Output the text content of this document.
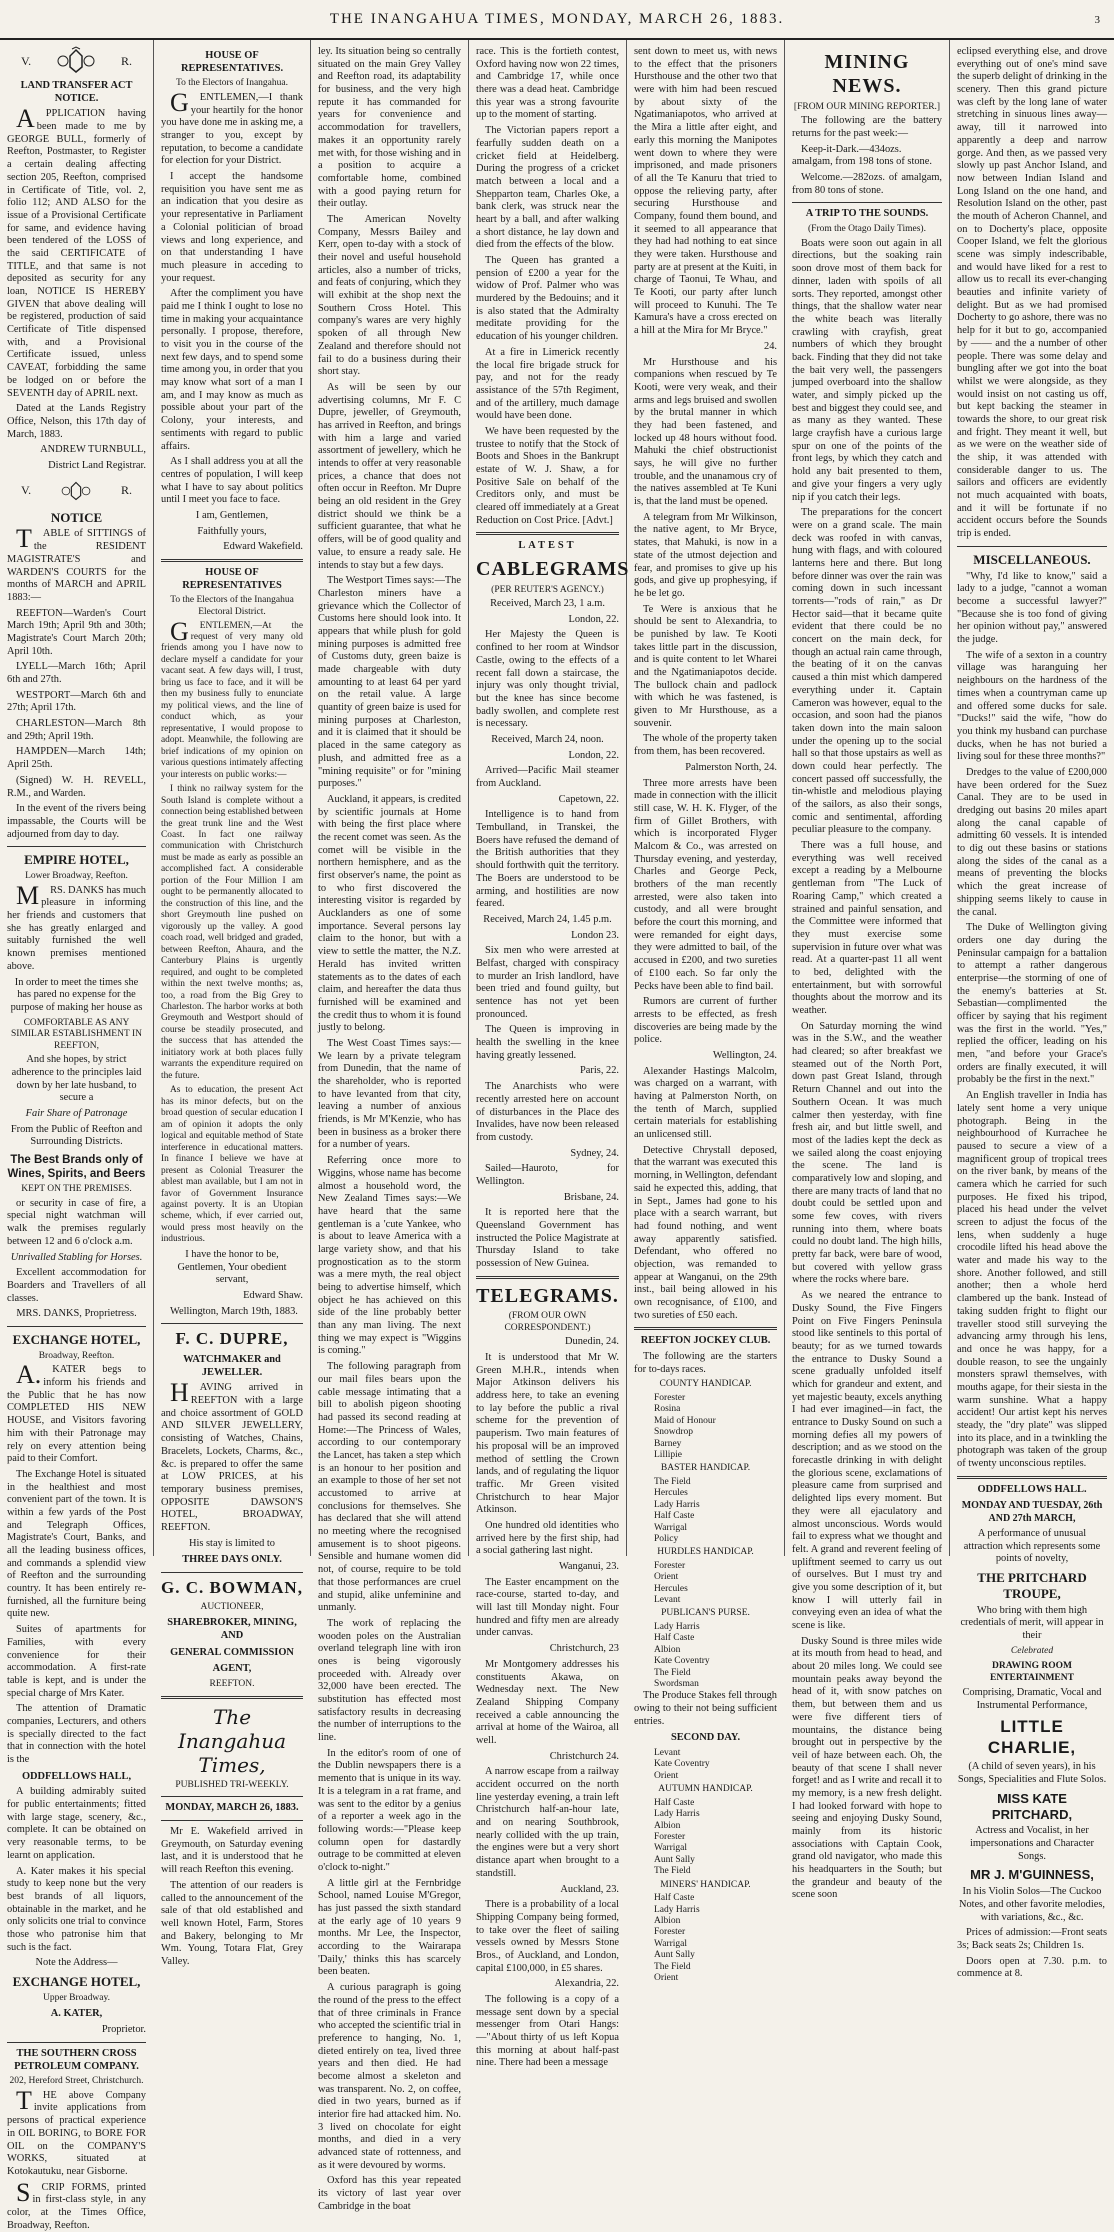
THE INANGAHUA TIMES, MONDAY, MARCH 26, 1883.	3
V.	R.
LAND TRANSFER ACT NOTICE.

APPLICATION having been made to me by GEORGE BULL, formerly of Reefton, Postmaster, to Register a certain dealing affecting section 205, Reefton, comprised in Certificate of Title, vol. 2, folio 112; AND ALSO for the issue of a Provisional Certificate for same, and evidence having been tendered of the LOSS of the said CERTIFICATE of TITLE, and that same is not deposited as security for any loan, NOTICE IS HEREBY GIVEN that above dealing will be registered, production of said Certificate of Title dispensed with, and a Provisional Certificate issued, unless CAVEAT, forbidding the same be lodged on or before the SEVENTH day of APRIL next.

Dated at the Lands Registry Office, Nelson, this 17th day of March, 1883.

ANDREW TURNBULL,

District Land Registrar.

V.	R.
NOTICE

TABLE of SITTINGS of the RESIDENT MAGISTRATE'S and WARDEN'S COURTS for the months of MARCH and APRIL 1883:—

REEFTON—Warden's Court March 19th; April 9th and 30th; Magistrate's Court March 20th; April 10th.

LYELL—March 16th; April 6th and 27th.

WESTPORT—March 6th and 27th; April 17th.

CHARLESTON—March 8th and 29th; April 19th.

HAMPDEN—March 14th; April 25th.

(Signed) W. H. REVELL, R.M., and Warden.

In the event of the rivers being impassable, the Courts will be adjourned from day to day.

EMPIRE HOTEL,
Lower Broadway, Reefton.

MRS. DANKS has much pleasure in informing her friends and customers that she has greatly enlarged and suitably furnished the well known premises mentioned above.

In order to meet the times she has pared no expense for the purpose of making her house as

COMFORTABLE AS ANY SIMILAR ESTABLISHMENT IN REEFTON,

And she hopes, by strict adherence to the principles laid down by her late husband, to secure a

Fair Share of Patronage

From the Public of Reefton and Surrounding Districts.

The Best Brands only of Wines, Spirits, and Beers
KEPT ON THE PREMISES.

or security in case of fire, a special night watchman will walk the premises regularly between 12 and 6 o'clock a.m.

Unrivalled Stabling for Horses.

Excellent accommodation for Boarders and Travellers of all classes.

MRS. DANKS, Proprietress.

EXCHANGE HOTEL,
Broadway, Reefton.

A.KATER begs to inform his friends and the Public that he has now COMPLETED HIS NEW HOUSE, and Visitors favoring him with their Patronage may rely on every attention being paid to their Comfort.

The Exchange Hotel is situated in the healthiest and most convenient part of the town. It is within a few yards of the Post and Telegraph Offices, Magistrate's Court, Banks, and all the leading business offices, and commands a splendid view of Reefton and the surrounding country. It has been entirely re-furnished, all the furniture being quite new.

Suites of apartments for Families, with every convenience for their accommodation. A first-rate table is kept, and is under the special charge of Mrs Kater.

The attention of Dramatic companies, Lecturers, and others is specially directed to the fact that in connection with the hotel is the

ODDFELLOWS HALL,

A building admirably suited for public entertainments; fitted with large stage, scenery, &c., complete. It can be obtained on very reasonable terms, to be learnt on application.

A. Kater makes it his special study to keep none but the very best brands of all liquors, obtainable in the market, and he only solicits one trial to convince those who patronise him that such is the fact.

Note the Address—

EXCHANGE HOTEL,
Upper Broadway.
A. KATER,

Proprietor.

THE SOUTHERN CROSS PETROLEUM COMPANY.
202, Hereford Street, Christchurch.

THE above Company invite applications from persons of practical experience in OIL BORING, to BORE FOR OIL on the COMPANY'S WORKS, situated at Kotokautuku, near Gisborne.

SCRIP FORMS, printed in first-class style, in any color, at the Times Office, Broadway, Reefton.

HOUSE OF REPRESENTATIVES.
To the Electors of Inangahua.

GENTLEMEN,—I thank your heartily for the honor you have done me in asking me, a stranger to you, except by reputation, to become a candidate for election for your District.

I accept the handsome requisition you have sent me as an indication that you desire as your representative in Parliament a Colonial politician of broad views and long experience, and on that understanding I have much pleasure in acceding to your request.

After the compliment you have paid me I think I ought to lose no time in making your acquaintance personally. I propose, therefore, to visit you in the course of the next few days, and to spend some time among you, in order that you may know what sort of a man I am, and I may know as much as possible about your part of the Colony, your interests, and sentiments with regard to public affairs.

As I shall address you at all the centres of population, I will keep what I have to say about politics until I meet you face to face.

I am, Gentlemen,

Faithfully yours,

Edward Wakefield.

HOUSE OF REPRESENTATIVES
To the Electors of the Inangahua Electoral District.

GENTLEMEN,—At the request of very many old friends among you I have now to declare myself a candidate for your vacant seat. A few days will, I trust, bring us face to face, and it will be then my business fully to enunciate my political views, and the line of conduct which, as your representative, I would propose to adopt. Meanwhile, the following are brief indications of my opinion on various questions intimately affecting your interests on public works:—

I think no railway system for the South Island is complete without a connection being established between the great trunk line and the West Coast. In fact one railway communication with Christchurch must be made as early as possible an accomplished fact. A considerable portion of the Four Million I am ought to be permanently allocated to the construction of this line, and the short Greymouth line pushed on vigorously up the valley. A good coach road, well bridged and graded, between Reefton, Ahaura, and the Canterbury Plains is urgently required, and ought to be completed within the next twelve months; as, too, a road from the Big Grey to Charleston. The harbor works at both Greymouth and Westport should of course be steadily prosecuted, and the success that has attended the initiatory work at both places fully warrants the expenditure required on the future.

As to education, the present Act has its minor defects, but on the broad question of secular education I am of opinion it adopts the only logical and equitable method of State interference in educational matters. In finance I believe we have at present as Colonial Treasurer the ablest man available, but I am not in favor of Government Insurance against poverty. It is an Utopian scheme, which, if ever carried out, would press most heavily on the industrious.

I have the honor to be, Gentlemen, Your obedient servant,

Edward Shaw.

Wellington, March 19th, 1883.

F. C. DUPRE,
WATCHMAKER and JEWELLER.

HAVING arrived in REEFTON with a large and choice assortment of GOLD AND SILVER JEWELLERY, consisting of Watches, Chains, Bracelets, Lockets, Charms, &c., &c. is prepared to offer the same at LOW PRICES, at his temporary business premises, OPPOSITE DAWSON'S HOTEL, BROADWAY, REEFTON.

His stay is limited to

THREE DAYS ONLY.
G. C. BOWMAN,
AUCTIONEER,
SHAREBROKER, MINING, AND
GENERAL COMMISSION
AGENT,
REEFTON.
The Inangahua Times,
PUBLISHED TRI-WEEKLY.
MONDAY, MARCH 26, 1883.

Mr E. Wakefield arrived in Greymouth, on Saturday evening last, and it is understood that he will reach Reefton this evening.

The attention of our readers is called to the announcement of the sale of that old established and well known Hotel, Farm, Stores and Bakery, belonging to Mr Wm. Young, Totara Flat, Grey Valley.

ley. Its situation being so centrally situated on the main Grey Valley and Reefton road, its adaptability for business, and the very high repute it has commanded for years for convenience and accommodation for travellers, makes it an opportunity rarely met with, for those wishing and in a position to acquire a comfortable home, combined with a good paying return for their outlay.

The American Novelty Company, Messrs Bailey and Kerr, open to-day with a stock of their novel and useful household articles, also a number of tricks, and feats of conjuring, which they will exhibit at the shop next the Southern Cross Hotel. This company's wares are very highly spoken of all through New Zealand and therefore should not fail to do a business during their short stay.

As will be seen by our advertising columns, Mr F. C Dupre, jeweller, of Greymouth, has arrived in Reefton, and brings with him a large and varied assortment of jewellery, which he intends to offer at very reasonable prices, a chance that does not often occur in Reefton. Mr Dupre being an old resident in the Grey district should we think be a sufficient guarantee, that what he offers, will be of good quality and value, to ensure a ready sale. He intends to stay but a few days.

The Westport Times says:—The Charleston miners have a grievance which the Collector of Customs here should look into. It appears that while plush for gold mining purposes is admitted free of Customs duty, green baize is made chargeable with duty amounting to at least 64 per yard on the retail value. A large quantity of green baize is used for mining purposes at Charleston, and it is claimed that it should be placed in the same category as plush, and admitted free as a "mining requisite" or for "mining purposes."

Auckland, it appears, is credited by scientific journals at Home with being the first place where the recent comet was seen. As the comet will be visible in the northern hemisphere, and as the first observer's name, the point as to who first discovered the interesting visitor is regarded by Aucklanders as one of some importance. Several persons lay claim to the honor, but with a view to settle the matter, the N.Z. Herald has invited written statements as to the dates of each claim, and hereafter the data thus furnished will be examined and the credit thus to whom it is found justly to belong.

The West Coast Times says:—We learn by a private telegram from Dunedin, that the name of the shareholder, who is reported to have levanted from that city, leaving a number of anxious friends, is Mr M'Kenzie, who has been in business as a broker there for a number of years.

Referring once more to Wiggins, whose name has become almost a household word, the New Zealand Times says:—We have heard that the same gentleman is a 'cute Yankee, who is about to leave America with a large variety show, and that his prognostication as to the storm was a mere myth, the real object being to advertise himself, which object he has achieved on this side of the line probably better than any man living. The next thing we may expect is "Wiggins is coming."

The following paragraph from our mail files bears upon the cable message intimating that a bill to abolish pigeon shooting had passed its second reading at Home:—The Princess of Wales, according to our contemporary the Lancet, has taken a step which is an honour to her position and an example to those of her set not accustomed to arrive at conclusions for themselves. She has declared that she will attend no meeting where the recognised amusement is to shoot pigeons. Sensible and humane women did not, of course, require to be told that those performances are cruel and stupid, alike unfeminine and unmanly.

The work of replacing the wooden poles on the Australian overland telegraph line with iron ones is being vigorously proceeded with. Already over 32,000 have been erected. The substitution has effected most satisfactory results in decreasing the number of interruptions to the line.

In the editor's room of one of the Dublin newspapers there is a memento that is unique in its way. It is a telegram in a rat frame, and was sent to the editor by a genius of a reporter a week ago in the following words:—"Please keep column open for dastardly outrage to be committed at eleven o'clock to-night."

A little girl at the Fernbridge School, named Louise M'Gregor, has just passed the sixth standard at the early age of 10 years 9 months. Mr Lee, the Inspector, according to the Wairarapa 'Daily,' thinks this has scarcely been beaten.

A curious paragraph is going the round of the press to the effect that of three criminals in France who accepted the scientific trial in preference to hanging, No. 1, dieted entirely on tea, lived three years and then died. He had become almost a skeleton and was transparent. No. 2, on coffee, died in two years, burned as if interior fire had attacked him. No. 3 lived on chocolate for eight months, and died in a very advanced state of rottenness, and as it were devoured by worms.

Oxford has this year repeated its victory of last year over Cambridge in the boat

race. This is the fortieth contest, Oxford having now won 22 times, and Cambridge 17, while once there was a dead heat. Cambridge this year was a strong favourite up to the moment of starting.

The Victorian papers report a fearfully sudden death on a cricket field at Heidelberg. During the progress of a cricket match between a local and a Shepparton team, Charles Oke, a bank clerk, was struck near the heart by a ball, and after walking a short distance, he lay down and died from the effects of the blow.

The Queen has granted a pension of £200 a year for the widow of Prof. Palmer who was murdered by the Bedouins; and it is also stated that the Admiralty meditate providing for the education of his younger children.

At a fire in Limerick recently the local fire brigade struck for pay, and not for the ready assistance of the 57th Regiment, and of the artillery, much damage would have been done.

We have been requested by the trustee to notify that the Stock of Boots and Shoes in the Bankrupt estate of W. J. Shaw, a for Positive Sale on behalf of the Creditors only, and must be cleared off immediately at a Great Reduction on Cost Price. [Advt.]

LATEST
CABLEGRAMS
(PER REUTER'S AGENCY.)

Received, March 23, 1 a.m.

London, 22.

Her Majesty the Queen is confined to her room at Windsor Castle, owing to the effects of a recent fall down a staircase, the injury was only thought trivial, but the knee has since become badly swollen, and complete rest is necessary.

Received, March 24, noon.

London, 22.

Arrived—Pacific Mail steamer from Auckland.

Capetown, 22.

Intelligence is to hand from Tembulland, in Transkei, the Boers have refused the demand of the British authorities that they should forthwith quit the territory. The Boers are understood to be arming, and hostilities are now feared.

Received, March 24, 1.45 p.m.

London 23.

Six men who were arrested at Belfast, charged with conspiracy to murder an Irish landlord, have been tried and found guilty, but sentence has not yet been pronounced.

The Queen is improving in health the swelling in the knee having greatly lessened.

Paris, 22.

The Anarchists who were recently arrested here on account of disturbances in the Place des Invalides, have now been released from custody.

Sydney, 24.

Sailed—Hauroto, for Wellington.

Brisbane, 24.

It is reported here that the Queensland Government has instructed the Police Magistrate at Thursday Island to take possession of New Guinea.

TELEGRAMS.
(FROM OUR OWN CORRESPONDENT.)

Dunedin, 24.

It is understood that Mr W. Green M.H.R., intends when Major Atkinson delivers his address here, to take an evening to lay before the public a rival scheme for the prevention of pauperism. Two main features of his proposal will be an improved method of settling the Crown lands, and of regulating the liquor traffic. Mr Green visited Christchurch to hear Major Atkinson.

One hundred old identities who arrived here by the first ship, had a social gathering last night.

Wanganui, 23.

The Easter encampment on the race-course, started to-day, and will last till Monday night. Four hundred and fifty men are already under canvas.

Christchurch, 23

Mr Montgomery addresses his constituents Akawa, on Wednesday next. The New Zealand Shipping Company received a cable announcing the arrival at home of the Wairoa, all well.

Christchurch 24.

A narrow escape from a railway accident occurred on the north line yesterday evening, a train left Christchurch half-an-hour late, and on nearing Southbrook, nearly collided with the up train, the engines were but a very short distance apart when brought to a standstill.

Auckland, 23.

There is a probability of a local Shipping Company being formed, to take over the fleet of sailing vessels owned by Messrs Stone Bros., of Auckland, and London, capital £100,000, in £5 shares.

Alexandria, 22.

The following is a copy of a message sent down by a special messenger from Otari Hangs:—"About thirty of us left Kopua this morning at about half-past nine. There had been a message

sent down to meet us, with news to the effect that the prisoners Hursthouse and the other two that were with him had been rescued by about sixty of the Ngatimaniapotos, who arrived at the Mira a little after eight, and early this morning the Manipotes went down to where they were imprisoned, and made prisoners of all the Te Kanuru that tried to oppose the relieving party, after securing Hursthouse and Company, found them bound, and it seemed to all appearance that they had had nothing to eat since they were taken. Hursthouse and party are at present at the Kuiti, in charge of Taonui, Te Whau, and Te Kooti, our party after lunch will proceed to Kunuhi. The Te Kamura's have a cross erected on a hill at the Mira for Mr Bryce."

24.

Mr Hursthouse and his companions when rescued by Te Kooti, were very weak, and their arms and legs bruised and swollen by the brutal manner in which they had been fastened, and locked up 48 hours without food. Mahuki the chief obstructionist says, he will give no further trouble, and the unanamous cry of the natives assembled at Te Kuni is, that the land must be opened.

A telegram from Mr Wilkinson, the native agent, to Mr Bryce, states, that Mahuki, is now in a state of the utmost dejection and fear, and promises to give up his gods, and give up prophesying, if he be let go.

Te Were is anxious that he should be sent to Alexandria, to be punished by law. Te Kooti takes little part in the discussion, and is quite content to let Wharei and the Ngatimaniapotos decide. The bullock chain and padlock with which he was fastened, is given to Mr Hursthouse, as a souvenir.

The whole of the property taken from them, has been recovered.

Palmerston North, 24.

Three more arrests have been made in connection with the illicit still case, W. H. K. Flyger, of the firm of Gillet Brothers, with which is incorporated Flyger Malcom & Co., was arrested on Thursday evening, and yesterday, Charles and George Peck, brothers of the man recently arrested, were also taken into custody, and all were brought before the court this morning, and were remanded for eight days, they were admitted to bail, of the accused in £200, and two sureties of £100 each. So far only the Pecks have been able to find bail.

Rumors are current of further arrests to be effected, as fresh discoveries are being made by the police.

Wellington, 24.

Alexander Hastings Malcolm, was charged on a warrant, with having at Palmerston North, on the tenth of March, supplied certain materials for establishing an unlicensed still.

Detective Chrystall deposed, that the warrant was executed this morning, in Wellington, defendant said he expected this, adding, that in Sept., James had gone to his place with a search warrant, but had found nothing, and went away apparently satisfied. Defendant, who offered no objection, was remanded to appear at Wanganui, on the 29th inst., bail being allowed in his own recognisance, of £100, and two sureties of £50 each.

REEFTON JOCKEY CLUB.

The following are the starters for to-days races.

COUNTY HANDICAP.
Forester
Rosina
Maid of Honour
Snowdrop
Barney
Lillipie
BASTER HANDICAP.
The Field
Hercules
Lady Harris
Half Caste
Warrigal
Policy
HURDLES HANDICAP.
Forester
Orient
Hercules
Levant
PUBLICAN'S PURSE.
Lady Harris
Half Caste
Albion
Kate Coventry
The Field
Swordsman

The Produce Stakes fell through owing to their not being sufficient entries.

SECOND DAY.
Levant
Kate Coventry
Orient
AUTUMN HANDICAP.
Half Caste
Lady Harris
Albion
Forester
Warrigal
Aunt Sally
The Field
MINERS' HANDICAP.
Half Caste
Lady Harris
Albion
Forester
Warrigal
Aunt Sally
The Field
Orient
MINING NEWS.
[FROM OUR MINING REPORTER.]

The following are the battery returns for the past week:—

Keep-it-Dark.—434ozs. amalgam, from 198 tons of stone.

Welcome.—282ozs. of amalgam, from 80 tons of stone.

A TRIP TO THE SOUNDS.
(From the Otago Daily Times).

Boats were soon out again in all directions, but the soaking rain soon drove most of them back for dinner, laden with spoils of all sorts. They reported, amongst other things, that the shallow water near the white beach was literally crawling with crayfish, great numbers of which they brought back. Finding that they did not take the bait very well, the passengers jumped overboard into the shallow water, and simply picked up the best and biggest they could see, and as many as they wanted. These large crayfish have a curious large spur on one of the points of the front legs, by which they catch and hold any bait presented to them, and give your fingers a very ugly nip if you catch their legs.

The preparations for the concert were on a grand scale. The main deck was roofed in with canvas, hung with flags, and with coloured lanterns here and there. But long before dinner was over the rain was coming down in such incessant torrents—"rods of rain," as Dr Hector said—that it became quite evident that there could be no concert on the main deck, for though an actual rain came through, the beating of it on the canvas caused a thin mist which dampered everything under it. Captain Cameron was however, equal to the occasion, and soon had the pianos taken down into the main saloon under the opening up to the social hall so that those upstairs as well as down could hear perfectly. The concert passed off successfully, the tin-whistle and melodious playing of the sailors, as also their songs, comic and sentimental, affording peculiar pleasure to the company.

There was a full house, and everything was well received except a reading by a Melbourne gentleman from "The Luck of Roaring Camp," which created a strained and painful sensation, and the Committee were informed that they must exercise some supervision in future over what was read. At a quarter-past 11 all went to bed, delighted with the entertainment, but with sorrowful thoughts about the morrow and its weather.

On Saturday morning the wind was in the S.W., and the weather had cleared; so after breakfast we steamed out of the North Port, down past Great Island, through Return Channel and out into the Southern Ocean. It was much calmer then yesterday, with fine fresh air, and but little swell, and most of the ladies kept the deck as we sailed along the coast enjoying the scene. The land is comparatively low and sloping, and there are many tracts of land that no doubt could be settled upon and some few coves, with rivers running into them, where boats could no doubt land. The high hills, pretty far back, were bare of wood, but covered with yellow grass where the rocks where bare.

As we neared the entrance to Dusky Sound, the Five Fingers Point on Five Fingers Peninsula stood like sentinels to this portal of beauty; for as we turned towards the entrance to Dusky Sound a scene gradually unfolded itself which for grandeur and extent, and yet majestic beauty, excels anything I had ever imagined—in fact, the entrance to Dusky Sound on such a morning defies all my powers of description; and as we stood on the forecastle drinking in with delight the glorious scene, exclamations of pleasure came from surprised and delighted lips every moment. But they were all ejaculatory and almost unconscious. Words would fail to express what we thought and felt. A grand and reverent feeling of upliftment seemed to carry us out of ourselves. But I must try and give you some description of it, but know I will utterly fail in conveying even an idea of what the scene is like.

Dusky Sound is three miles wide at its mouth from head to head, and about 20 miles long. We could see mountain peaks away beyond the head of it, with snow patches on them, but between them and us were five different tiers of mountains, the distance being brought out in perspective by the veil of haze between each. Oh, the beauty of that scene I shall never forget! and as I write and recall it to my memory, is a new fresh delight. I had looked forward with hope to seeing and enjoying Dusky Sound, mainly from its historic associations with Captain Cook, grand old navigator, who made this his headquarters in the South; but the grandeur and beauty of the scene soon

eclipsed everything else, and drove everything out of one's mind save the superb delight of drinking in the scenery. Then this grand picture was cleft by the long lane of water stretching in sinuous lines away—away, till it narrowed into apparently a deep and narrow gorge. And then, as we passed very slowly up past Anchor Island, and now between Indian Island and Long Island on the one hand, and Resolution Island on the other, past the mouth of Acheron Channel, and on to Docherty's place, opposite Cooper Island, we felt the glorious scene was simply indescribable, and would have liked for a rest to allow us to recall its ever-changing beauties and infinite variety of delight. But as we had promised Docherty to go ashore, there was no help for it but to go, accompanied by —— and the a number of other people. There was some delay and bungling after we got into the boat whilst we were alongside, as they would insist on not casting us off, but kept backing the steamer in towards the shore, to our great risk and fright. They meant it well, but as we were on the weather side of the ship, it was attended with considerable danger to us. The sailors and officers are evidently not much acquainted with boats, and it will be fortunate if no accident occurs before the Sounds trip is ended.

MISCELLANEOUS.

"Why, I'd like to know," said a lady to a judge, "cannot a woman become a successful lawyer?" "Because she is too fond of giving her opinion without pay," answered the judge.

The wife of a sexton in a country village was haranguing her neighbours on the hardness of the times when a countryman came up and offered some ducks for sale. "Ducks!" said the wife, "how do you think my husband can purchase ducks, when he has not buried a living soul for these three months?"

Dredges to the value of £200,000 have been ordered for the Suez Canal. They are to be used in dredging out basins 20 miles apart along the canal capable of admitting 60 vessels. It is intended to dig out these basins or stations along the sides of the canal as a means of preventing the blocks which the great increase of shipping seems likely to cause in the canal.

The Duke of Wellington giving orders one day during the Peninsular campaign for a battalion to attempt a rather dangerous enterprise—the storming of one of the enemy's batteries at St. Sebastian—complimented the officer by saying that his regiment was the first in the world. "Yes," replied the officer, leading on his men, "and before your Grace's orders are finally executed, it will probably be the first in the next."

An English traveller in India has lately sent home a very unique photograph. Being in the neighbourhood of Kurrachee he paused to secure a view of a magnificent group of tropical trees on the river bank, by means of the camera which he carried for such purposes. He fixed his tripod, placed his head under the velvet screen to adjust the focus of the lens, when suddenly a huge crocodile lifted his head above the water and made his way to the shore. Another followed, and still another; then a whole herd clambered up the bank. Instead of taking sudden fright to flight our traveller stood still surveying the advancing army through his lens, and once he was happy, for a double reason, to see the ungainly monsters sprawl themselves, with mouths agape, for their siesta in the warm sunshine. What a happy accident! Our artist kept his nerves steady, the "dry plate" was slipped into its place, and in a twinkling the photograph was taken of the group of twenty unconscious reptiles.

ODDFELLOWS HALL.
MONDAY AND TUESDAY, 26th AND 27th MARCH,

A performance of unusual attraction which represents some points of novelty,

THE PRITCHARD TROUPE,

Who bring with them high credentials of merit, will appear in their

Celebrated
DRAWING ROOM ENTERTAINMENT

Comprising, Dramatic, Vocal and Instrumental Performance,

LITTLE CHARLIE,

(A child of seven years), in his Songs, Specialities and Flute Solos.

MISS KATE PRITCHARD,

Actress and Vocalist, in her impersonations and Character Songs.

MR J. M'GUINNESS,

In his Violin Solos—The Cuckoo Notes, and other favorite melodies, with variations, &c., &c.

Prices of admission:—Front seats 3s; Back seats 2s; Children 1s.

Doors open at 7.30. p.m. to commence at 8.
